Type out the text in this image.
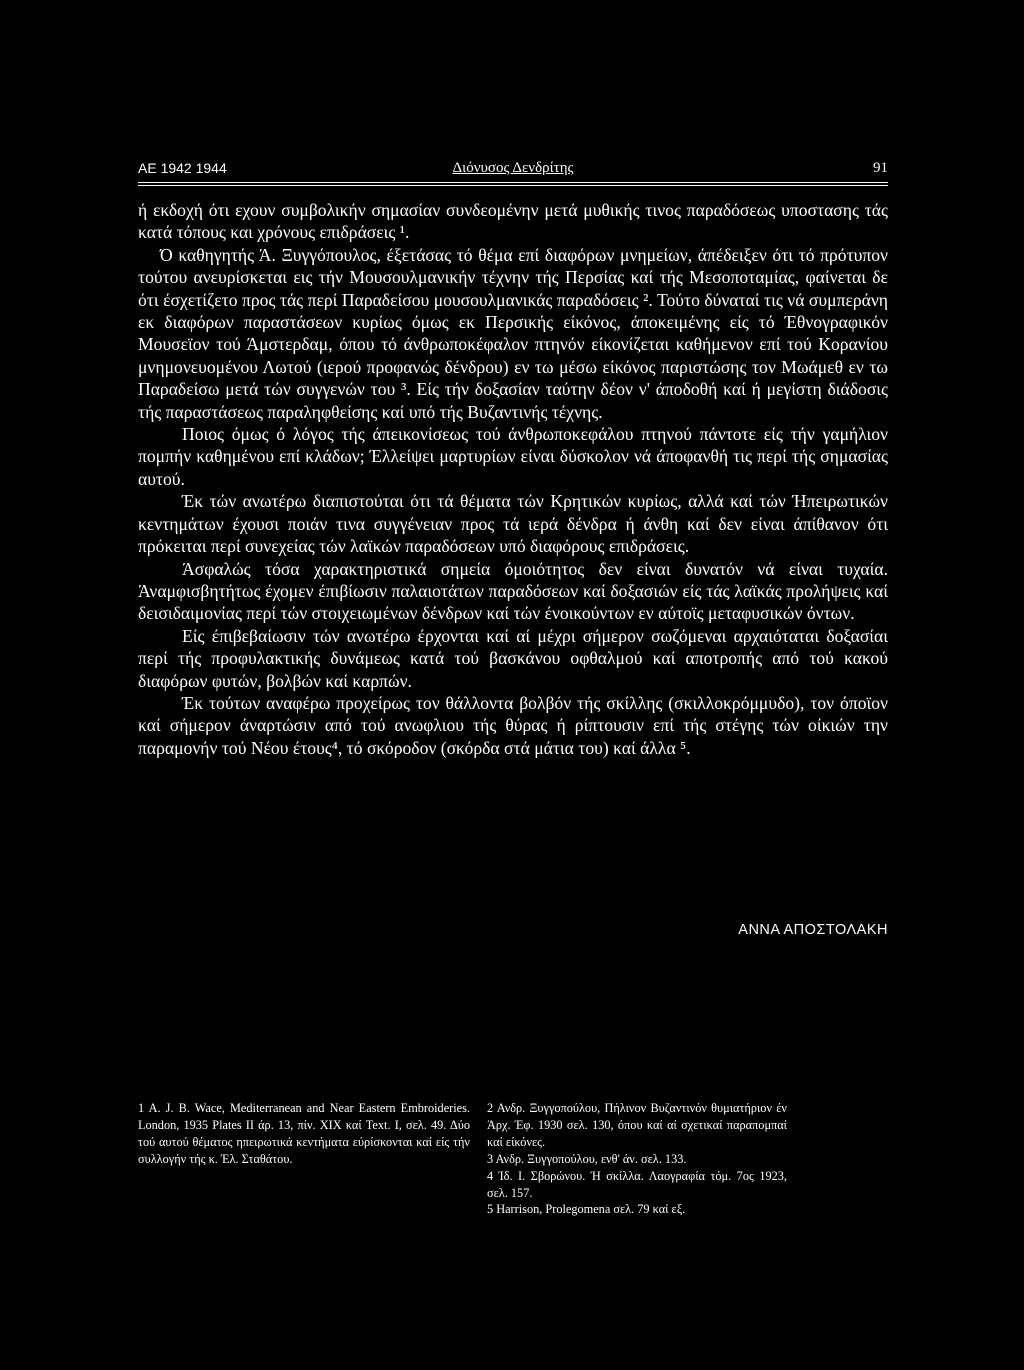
ΑΕ 1942 1944	Διόνυσος Δενδρίτης	91

ή εκδοχή ότι εχουν συμβολικήν σημασίαν συνδεομένην μετά μυθικής τινος παραδόσεως υποστασης τάς κατά τόπους και χρόνους επιδράσεις ¹.

Ό καθηγητής Ά. Ξυγγόπουλος, έξετάσας τό θέμα επί διαφόρων μνημείων, άπέδειξεν ότι τό πρότυπον τούτου ανευρίσκεται εις τήν Μουσουλμανικήν τέχνην τής Περσίας καί τής Μεσοποταμίας, φαίνεται δε ότι έσχετίζετο προς τάς περί Παραδείσου μουσουλμανικάς παραδόσεις ². Τούτο δύναταί τις νά συμπεράνη εκ διαφόρων παραστάσεων κυρίως όμως εκ Περσικής είκόνος, άποκειμένης είς τό Έθνογραφικόν Μουσεϊον τού Άμστερδαμ, όπου τό άνθρωποκέφαλον πτηνόν είκονίζεται καθήμενον επί τού Κορανίου μνημονευομένου Λωτού (ιερού προφανώς δένδρου) εν τω μέσω είκόνος παριστώσης τον Μωάμεθ εν τω Παραδείσω μετά τών συγγενών του ³. Είς τήν δοξασίαν ταύτην δέον ν' άποδοθή καί ή μεγίστη διάδοσις τής παραστάσεως παραληφθείσης καί υπό τής Βυζαντινής τέχνης.

Ποιος όμως ό λόγος τής άπεικονίσεως τού άνθρωποκεφάλου πτηνού πάντοτε είς τήν γαμήλιον πομπήν καθημένου επί κλάδων; Έλλείψει μαρτυρίων είναι δύσκολον νά άποφανθή τις περί τής σημασίας αυτού.

Έκ τών ανωτέρω διαπιστούται ότι τά θέματα τών Κρητικών κυρίως, αλλά καί τών Ήπειρωτικών κεντημάτων έχουσι ποιάν τινα συγγένειαν προς τά ιερά δένδρα ή άνθη καί δεν είναι άπίθανον ότι πρόκειται περί συνεχείας τών λαϊκών παραδόσεων υπό διαφόρους επιδράσεις.

Άσφαλώς τόσα χαρακτηριστικά σημεία όμοιότητος δεν είναι δυνατόν νά είναι τυχαία. Άναμφισβητήτως έχομεν έπιβίωσιν παλαιοτάτων παραδόσεων καί δοξασιών είς τάς λαϊκάς προλήψεις καί δεισιδαιμονίας περί τών στοιχειωμένων δένδρων καί τών ένοικούντων εν αύτοϊς μεταφυσικών όντων.

Είς έπιβεβαίωσιν τών ανωτέρω έρχονται καί αί μέχρι σήμερον σωζόμεναι αρχαιόταται δοξασίαι περί τής προφυλακτικής δυνάμεως κατά τού βασκάνου οφθαλμού καί αποτροπής από τού κακού διαφόρων φυτών, βολβών καί καρπών.

Έκ τούτων αναφέρω προχείρως τον θάλλοντα βολβόν τής σκίλλης (σκιλλοκρόμμυδο), τον όποϊον καί σήμερον άναρτώσιν από τού ανωφλιου τής θύρας ή ρίπτουσιν επί τής στέγης τών οίκιών την παραμονήν τού Νέου έτους⁴, τό σκόροδον (σκόρδα στά μάτια του) καί άλλα ⁵.

ΑΝΝΑ ΑΠΟΣΤΟΛΑΚΗ

1 A. J. B. Wace, Mediterranean and Near Eastern Embroideries. London, 1935 Plates II άρ. 13, πίν. XIX καί Text. I, σελ. 49. Δύο τού αυτού θέματος ηπειρωτικά κεντήματα εύρίσκονται καί είς τήν συλλογήν τής κ. Έλ. Σταθάτου.

2 Ανδρ. Ξυγγοπούλου, Πήλινον Βυζαντινόν θυμιατήριον έν Άρχ. Έφ. 1930 σελ. 130, όπου καί αί σχετικαί παραπομπαί καί είκόνες.

3 Ανδρ. Ξυγγοπούλου, ενθ' άν. σελ. 133.

4 Ίδ. Ι. Σβορώνου. Ή σκίλλα. Λαογραφία τόμ. 7ος 1923, σελ. 157.

5 Harrison, Prolegomena σελ. 79 καί εξ.
